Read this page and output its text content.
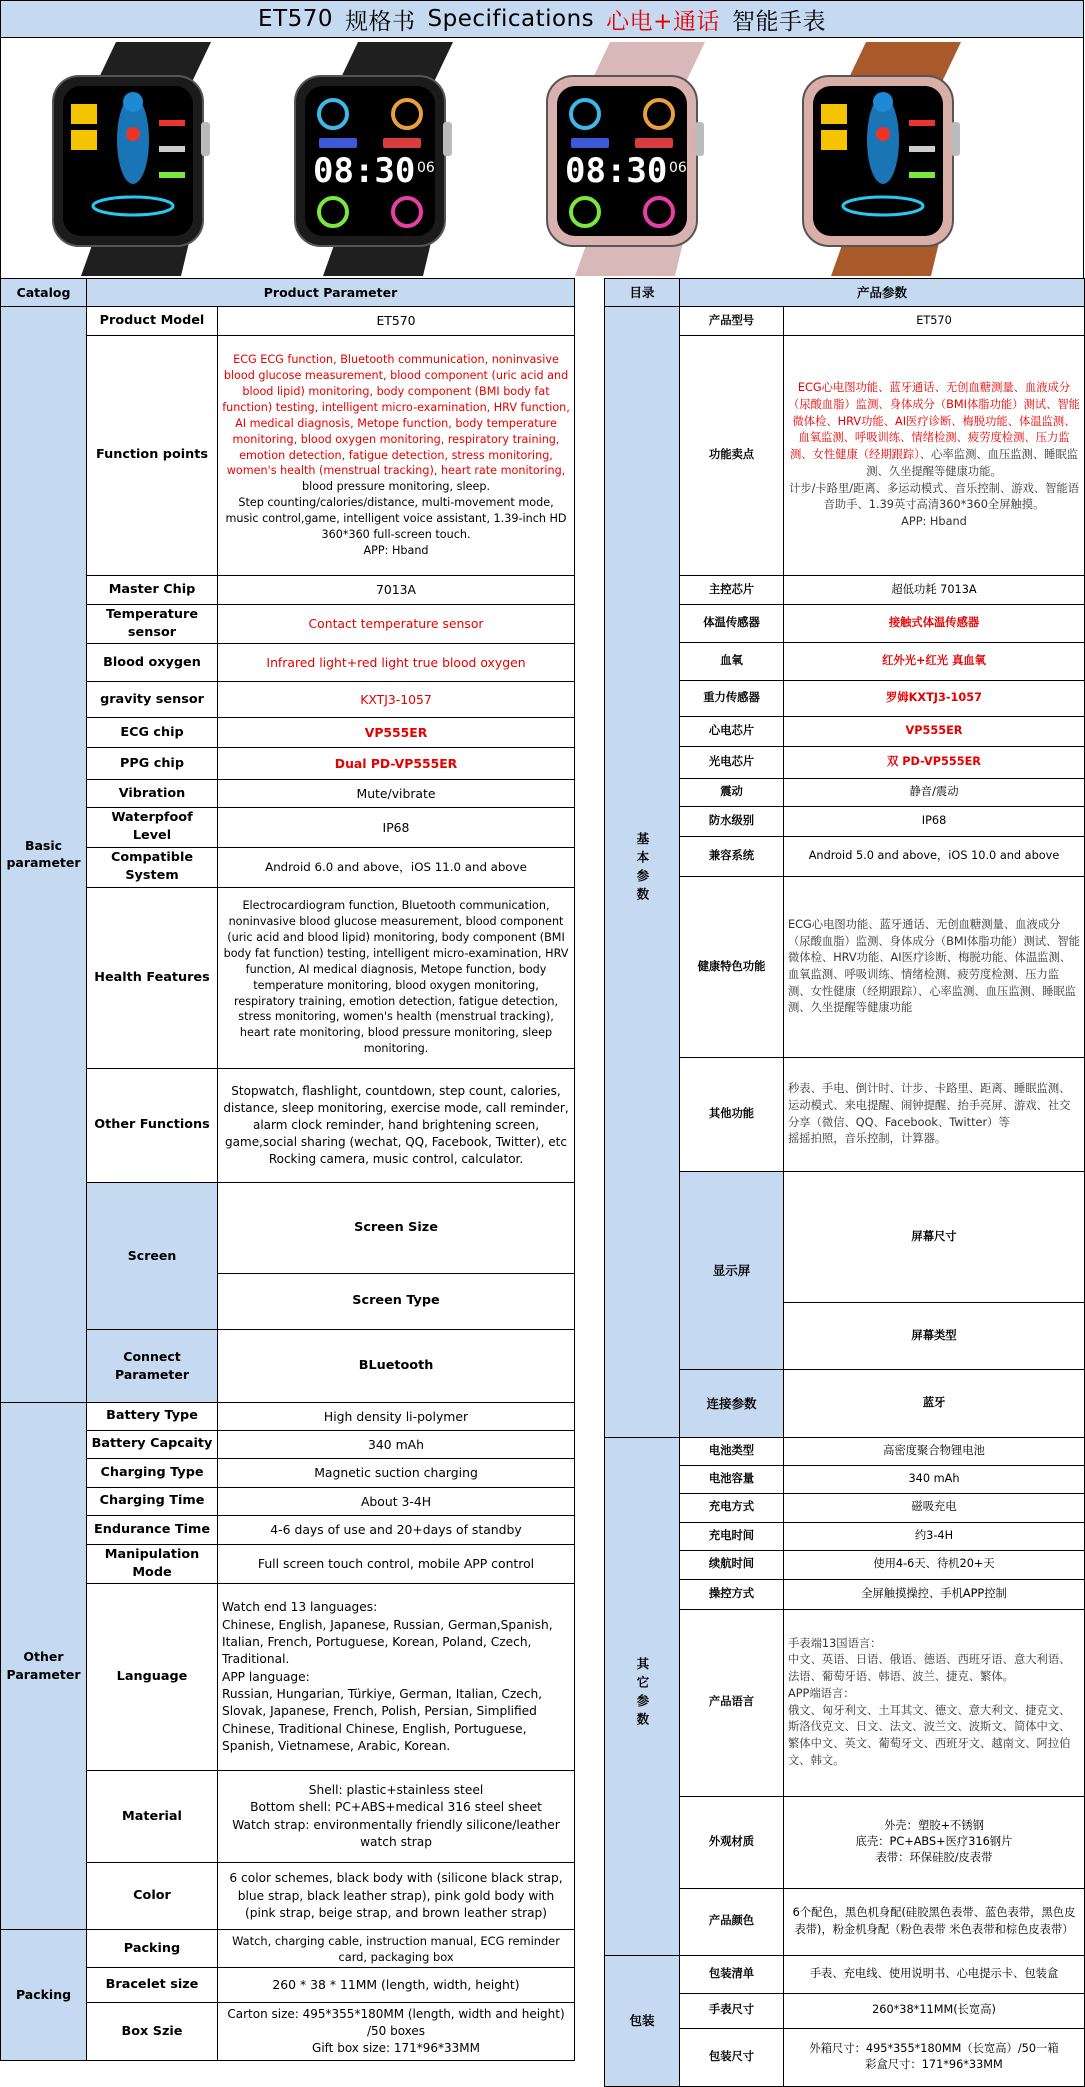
ET570 规格书 Specifications 心电+通话 智能手表
08:30 06	08:30 06
Catalog	Product Parameter		
Basic parameter	Product Model	ET570	
	Function points	ECG ECG function, Bluetooth communication, noninvasive blood glucose measurement, blood component (uric acid and blood lipid) monitoring, body component (BMI body fat function) testing, intelligent micro-examination, HRV function, AI medical diagnosis, Metope function, body temperature monitoring, blood oxygen monitoring, respiratory training, emotion detection, fatigue detection, stress monitoring, women's health (menstrual tracking), heart rate monitoring, blood pressure monitoring, sleep.
Step counting/calories/distance, multi-movement mode, music control,game, intelligent voice assistant, 1.39-inch HD 360*360 full-screen touch.
APP: Hband	
	Master Chip	7013A	
	Temperature sensor	Contact temperature sensor	
	Blood oxygen	Infrared light+red light true blood oxygen	
	gravity sensor	KXTJ3-1057	
	ECG chip	VP555ER	
	PPG chip	Dual PD-VP555ER	
	Vibration	Mute/vibrate	
	Waterpfoof Level	IP68	
	Compatible System	Android 6.0 and above，iOS 11.0 and above	
	Health Features	Electrocardiogram function, Bluetooth communication, noninvasive blood glucose measurement, blood component (uric acid and blood lipid) monitoring, body component (BMI body fat function) testing, intelligent micro-examination, HRV function, AI medical diagnosis, Metope function, body temperature monitoring, blood oxygen monitoring, respiratory training, emotion detection, fatigue detection, stress monitoring, women's health (menstrual tracking), heart rate monitoring, blood pressure monitoring, sleep monitoring.	
	Other Functions	Stopwatch, flashlight, countdown, step count, calories, distance, sleep monitoring, exercise mode, call reminder, alarm clock reminder, hand brightening screen, game,social sharing (wechat, QQ, Facebook, Twitter), etc
Rocking camera, music control, calculator.	
	Screen	Screen Size	
		Screen Type	
	Connect Parameter	BLuetooth	
Other Parameter	Battery Type	High density li-polymer	
	Battery Capcaity	340 mAh	
	Charging Type	Magnetic suction charging	
	Charging Time	About 3-4H	
	Endurance Time	4-6 days of use and 20+days of standby	
	Manipulation Mode	Full screen touch control, mobile APP control	
	Language	Watch end 13 languages:
Chinese, English, Japanese, Russian, German,Spanish, Italian, French, Portuguese, Korean, Poland, Czech, Traditional.
APP language:
Russian, Hungarian, Türkiye, German, Italian, Czech, Slovak, Japanese, French, Polish, Persian, Simplified Chinese, Traditional Chinese, English, Portuguese, Spanish, Vietnamese, Arabic, Korean.	
	Material	Shell: plastic+stainless steel
Bottom shell: PC+ABS+medical 316 steel sheet
Watch strap: environmentally friendly silicone/leather watch strap	
	Color	6 color schemes, black body with (silicone black strap, blue strap, black leather strap), pink gold body with (pink strap, beige strap, and brown leather strap)	
Packing	Packing	Watch, charging cable, instruction manual, ECG reminder card, packaging box	
	Bracelet size	260 * 38 * 11MM (length, width, height)	
	Box Szie	Carton size: 495*355*180MM (length, width and height) /50 boxes
Gift box size: 171*96*33MM	
目录	产品参数		
基本参数	产品型号	ET570	
	功能卖点	ECG心电图功能、蓝牙通话、无创血糖测量、血液成分（尿酸血脂）监测、身体成分（BMI体脂功能）测试、智能微体检、HRV功能、AI医疗诊断、梅脱功能、体温监测、血氧监测、呼吸训练、情绪检测、疲劳度检测、压力监测、女性健康（经期跟踪）、心率监测、血压监测、睡眠监测、久坐提醒等健康功能。
计步/卡路里/距离、多运动模式、音乐控制、游戏、智能语音助手、1.39英寸高清360*360全屏触摸。
APP: Hband	
	主控芯片	超低功耗 7013A	
	体温传感器	接触式体温传感器	
	血氧	红外光+红光 真血氧	
	重力传感器	罗姆KXTJ3-1057	
	心电芯片	VP555ER	
	光电芯片	双 PD-VP555ER	
	震动	静音/震动	
	防水级别	IP68	
	兼容系统	Android 5.0 and above，iOS 10.0 and above	
	健康特色功能	ECG心电图功能、蓝牙通话、无创血糖测量、血液成分（尿酸血脂）监测、身体成分（BMI体脂功能）测试、智能微体检、HRV功能、AI医疗诊断、梅脱功能、体温监测、血氧监测、呼吸训练、情绪检测、疲劳度检测、压力监测、女性健康（经期跟踪）、心率监测、血压监测、睡眠监测、久坐提醒等健康功能	
	其他功能	秒表、手电、倒计时、计步、卡路里、距离、睡眠监测、运动模式、来电提醒、闹钟提醒、抬手亮屏、游戏、社交分享（微信、QQ、Facebook、Twitter）等
摇摇拍照，音乐控制，计算器。	
	显示屏	屏幕尺寸	
		屏幕类型	
	连接参数	蓝牙	
其它参数	电池类型	高密度聚合物锂电池	
	电池容量	340 mAh	
	充电方式	磁吸充电	
	充电时间	约3-4H	
	续航时间	使用4-6天、待机20+天	
	操控方式	全屏触摸操控、手机APP控制	
	产品语言	手表端13国语言：
中文、英语、日语、俄语、德语、西班牙语、意大利语、法语、葡萄牙语、韩语、波兰、捷克、繁体。
APP端语言：
俄文、匈牙利文、土耳其文、德文、意大利文、捷克文、斯洛伐克文、日文、法文、波兰文、波斯文、简体中文、繁体中文、英文、葡萄牙文、西班牙文、越南文、阿拉伯文、韩文。	
	外观材质	外壳：塑胶+不锈钢
底壳：PC+ABS+医疗316钢片
表带：环保硅胶/皮表带	
	产品颜色	6个配色，黑色机身配(硅胶黑色表带、蓝色表带，黑色皮表带)，粉金机身配（粉色表带 米色表带和棕色皮表带）	
包装	包装清单	手表、充电线、使用说明书、心电提示卡、包装盒	
	手表尺寸	260*38*11MM(长宽高)	
	包装尺寸	外箱尺寸：495*355*180MM（长宽高）/50一箱
彩盒尺寸：171*96*33MM	
